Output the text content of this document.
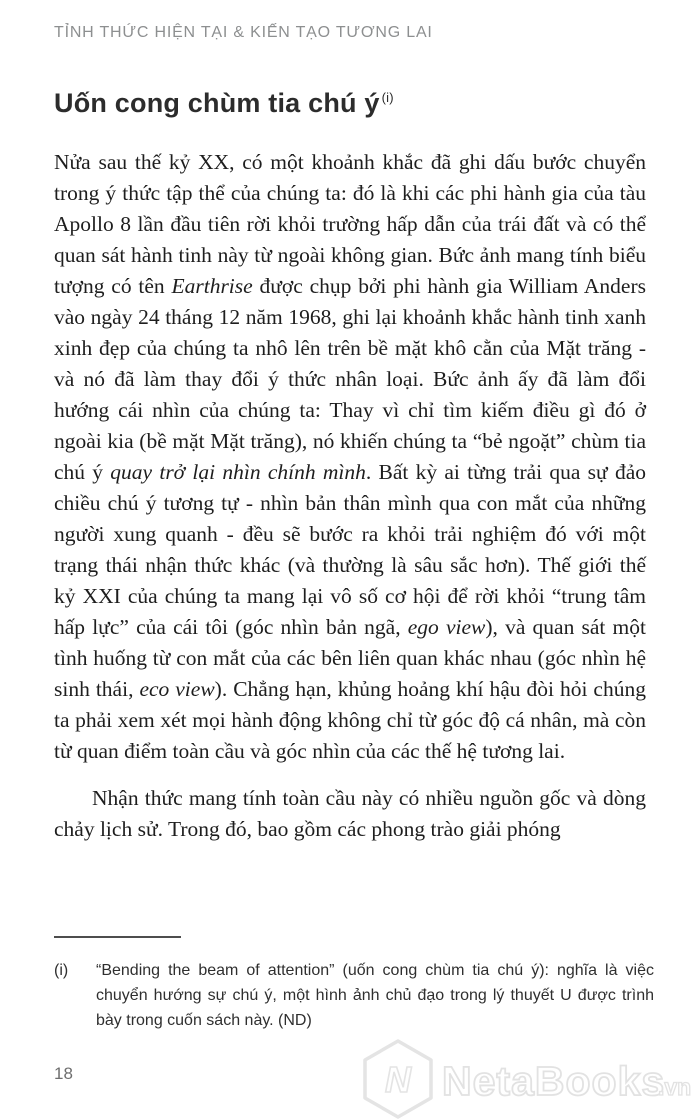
TỈNH THỨC HIỆN TẠI & KIẾN TẠO TƯƠNG LAI
Uốn cong chùm tia chú ý $^{(i)}$

Nửa sau thế kỷ XX, có một khoảnh khắc đã ghi dấu bước chuyển trong ý thức tập thể của chúng ta: đó là khi các phi hành gia của tàu Apollo 8 lần đầu tiên rời khỏi trường hấp dẫn của trái đất và có thể quan sát hành tinh này từ ngoài không gian. Bức ảnh mang tính biểu tượng có tên Earthrise được chụp bởi phi hành gia William Anders vào ngày 24 tháng 12 năm 1968, ghi lại khoảnh khắc hành tinh xanh xinh đẹp của chúng ta nhô lên trên bề mặt khô cằn của Mặt trăng - và nó đã làm thay đổi ý thức nhân loại. Bức ảnh ấy đã làm đổi hướng cái nhìn của chúng ta: Thay vì chỉ tìm kiếm điều gì đó ở ngoài kia (bề mặt Mặt trăng), nó khiến chúng ta “bẻ ngoặt” chùm tia chú ý quay trở lại nhìn chính mình. Bất kỳ ai từng trải qua sự đảo chiều chú ý tương tự - nhìn bản thân mình qua con mắt của những người xung quanh - đều sẽ bước ra khỏi trải nghiệm đó với một trạng thái nhận thức khác (và thường là sâu sắc hơn). Thế giới thế kỷ XXI của chúng ta mang lại vô số cơ hội để rời khỏi “trung tâm hấp lực” của cái tôi (góc nhìn bản ngã, ego view), và quan sát một tình huống từ con mắt của các bên liên quan khác nhau (góc nhìn hệ sinh thái, eco view). Chẳng hạn, khủng hoảng khí hậu đòi hỏi chúng ta phải xem xét mọi hành động không chỉ từ góc độ cá nhân, mà còn từ quan điểm toàn cầu và góc nhìn của các thế hệ tương lai.

Nhận thức mang tính toàn cầu này có nhiều nguồn gốc và dòng chảy lịch sử. Trong đó, bao gồm các phong trào giải phóng

(i)	“Bending the beam of attention” (uốn cong chùm tia chú ý): nghĩa là việc chuyển hướng sự chú ý, một hình ảnh chủ đạo trong lý thuyết U được trình bày trong cuốn sách này. (ND)
18	N NetaBooks
.vn
